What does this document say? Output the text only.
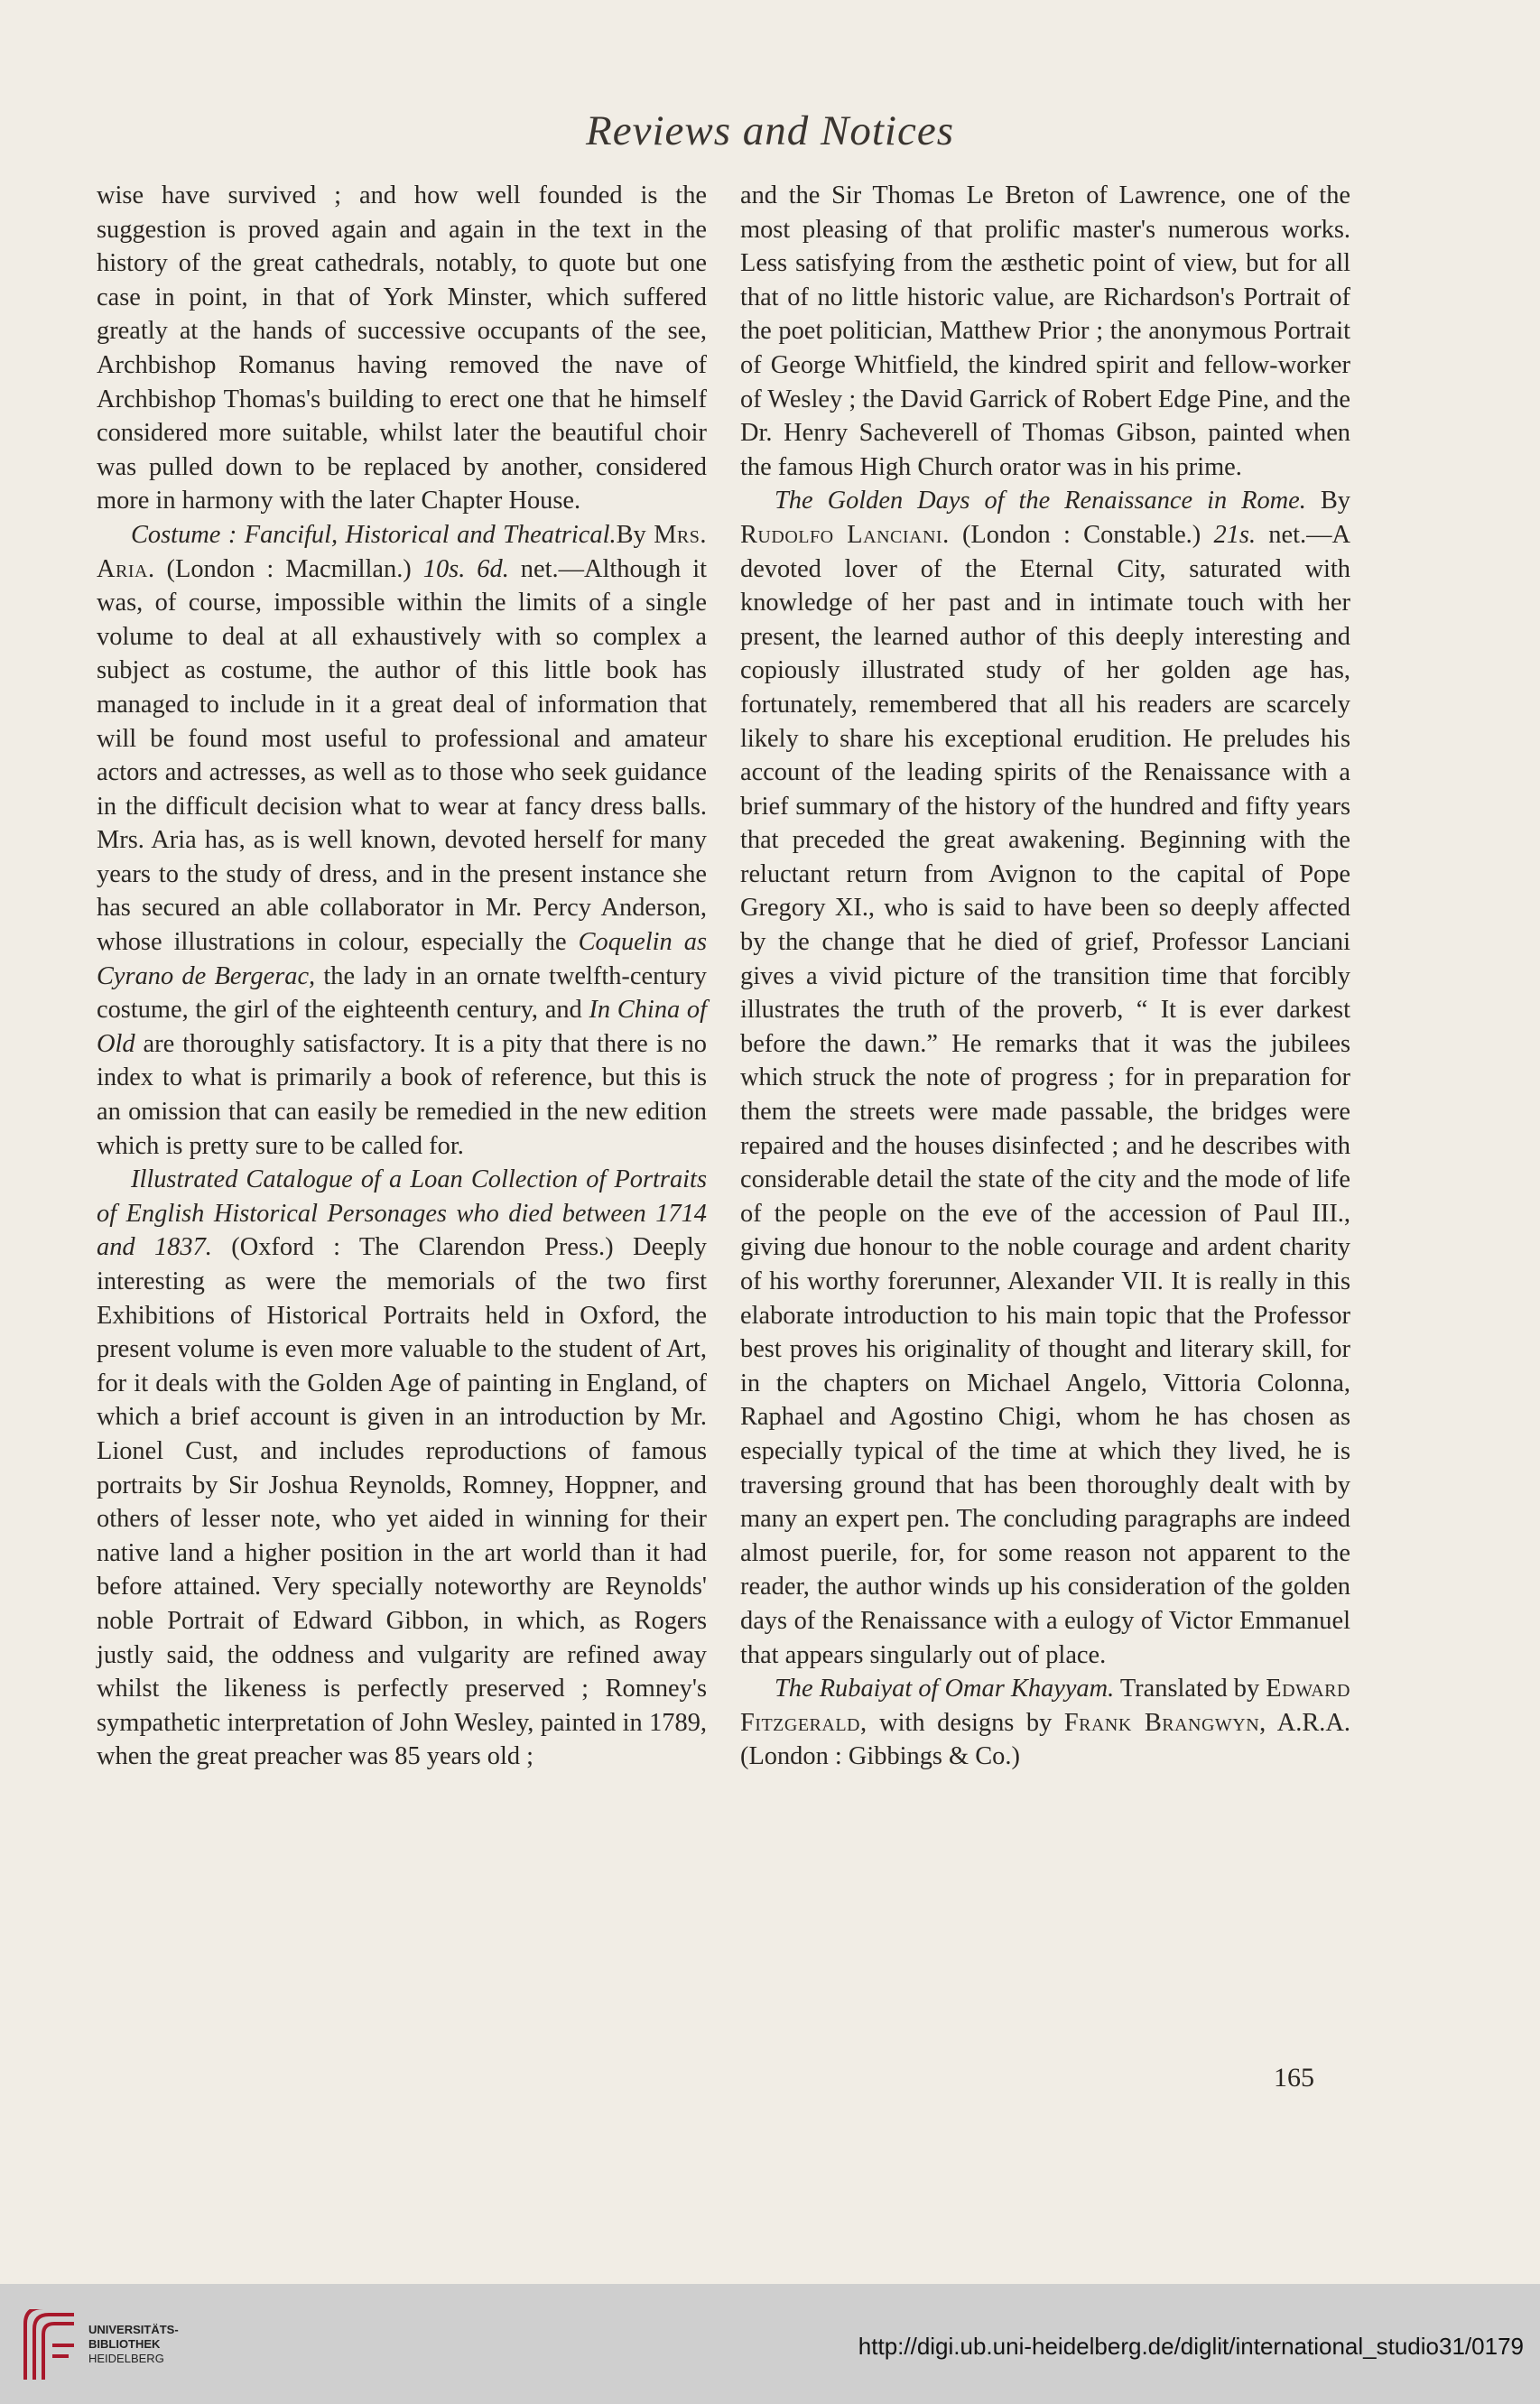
Reviews and Notices

wise have survived ; and how well founded is the suggestion is proved again and again in the text in the history of the great cathedrals, notably, to quote but one case in point, in that of York Minster, which suffered greatly at the hands of successive occupants of the see, Archbishop Romanus having removed the nave of Archbishop Thomas's building to erect one that he himself considered more suitable, whilst later the beautiful choir was pulled down to be replaced by another, considered more in harmony with the later Chapter House.

Costume : Fanciful, Historical and Theatrical.By Mrs. Aria. (London : Macmillan.) 10s. 6d. net.—Although it was, of course, impossible within the limits of a single volume to deal at all exhaustively with so complex a subject as costume, the author of this little book has managed to include in it a great deal of information that will be found most useful to professional and amateur actors and actresses, as well as to those who seek guidance in the difficult decision what to wear at fancy dress balls. Mrs. Aria has, as is well known, devoted herself for many years to the study of dress, and in the present instance she has secured an able collaborator in Mr. Percy Anderson, whose illustrations in colour, especially the Coquelin as Cyrano de Bergerac, the lady in an ornate twelfth-century costume, the girl of the eighteenth century, and In China of Old are thoroughly satisfactory. It is a pity that there is no index to what is primarily a book of reference, but this is an omission that can easily be remedied in the new edition which is pretty sure to be called for.

Illustrated Catalogue of a Loan Collection of Portraits of English Historical Personages who died between 1714 and 1837. (Oxford : The Clarendon Press.) Deeply interesting as were the memorials of the two first Exhibitions of Historical Portraits held in Oxford, the present volume is even more valuable to the student of Art, for it deals with the Golden Age of painting in England, of which a brief account is given in an introduction by Mr. Lionel Cust, and includes reproductions of famous portraits by Sir Joshua Reynolds, Romney, Hoppner, and others of lesser note, who yet aided in winning for their native land a higher position in the art world than it had before attained. Very specially noteworthy are Reynolds' noble Portrait of Edward Gibbon, in which, as Rogers justly said, the oddness and vulgarity are refined away whilst the likeness is perfectly preserved ; Romney's sympathetic interpretation of John Wesley, painted in 1789, when the great preacher was 85 years old ;

and the Sir Thomas Le Breton of Lawrence, one of the most pleasing of that prolific master's numerous works. Less satisfying from the æsthetic point of view, but for all that of no little historic value, are Richardson's Portrait of the poet politician, Matthew Prior ; the anonymous Portrait of George Whitfield, the kindred spirit and fellow-worker of Wesley ; the David Garrick of Robert Edge Pine, and the Dr. Henry Sacheverell of Thomas Gibson, painted when the famous High Church orator was in his prime.

The Golden Days of the Renaissance in Rome. By Rudolfo Lanciani. (London : Constable.) 21s. net.—A devoted lover of the Eternal City, saturated with knowledge of her past and in intimate touch with her present, the learned author of this deeply interesting and copiously illustrated study of her golden age has, fortunately, remembered that all his readers are scarcely likely to share his exceptional erudition. He preludes his account of the leading spirits of the Renaissance with a brief summary of the history of the hundred and fifty years that preceded the great awakening. Beginning with the reluctant return from Avignon to the capital of Pope Gregory XI., who is said to have been so deeply affected by the change that he died of grief, Professor Lanciani gives a vivid picture of the transition time that forcibly illustrates the truth of the proverb, “ It is ever darkest before the dawn.” He remarks that it was the jubilees which struck the note of progress ; for in preparation for them the streets were made passable, the bridges were repaired and the houses disinfected ; and he describes with considerable detail the state of the city and the mode of life of the people on the eve of the accession of Paul III., giving due honour to the noble courage and ardent charity of his worthy forerunner, Alexander VII. It is really in this elaborate introduction to his main topic that the Professor best proves his originality of thought and literary skill, for in the chapters on Michael Angelo, Vittoria Colonna, Raphael and Agostino Chigi, whom he has chosen as especially typical of the time at which they lived, he is traversing ground that has been thoroughly dealt with by many an expert pen. The concluding paragraphs are indeed almost puerile, for, for some reason not apparent to the reader, the author winds up his consideration of the golden days of the Renaissance with a eulogy of Victor Emmanuel that appears singularly out of place.

The Rubaiyat of Omar Khayyam. Translated by Edward Fitzgerald, with designs by Frank Brangwyn, A.R.A. (London : Gibbings & Co.)

165
UNIVERSITÄTS-
BIBLIOTHEK
HEIDELBERG	http://digi.ub.uni-heidelberg.de/diglit/international_studio31/0179
